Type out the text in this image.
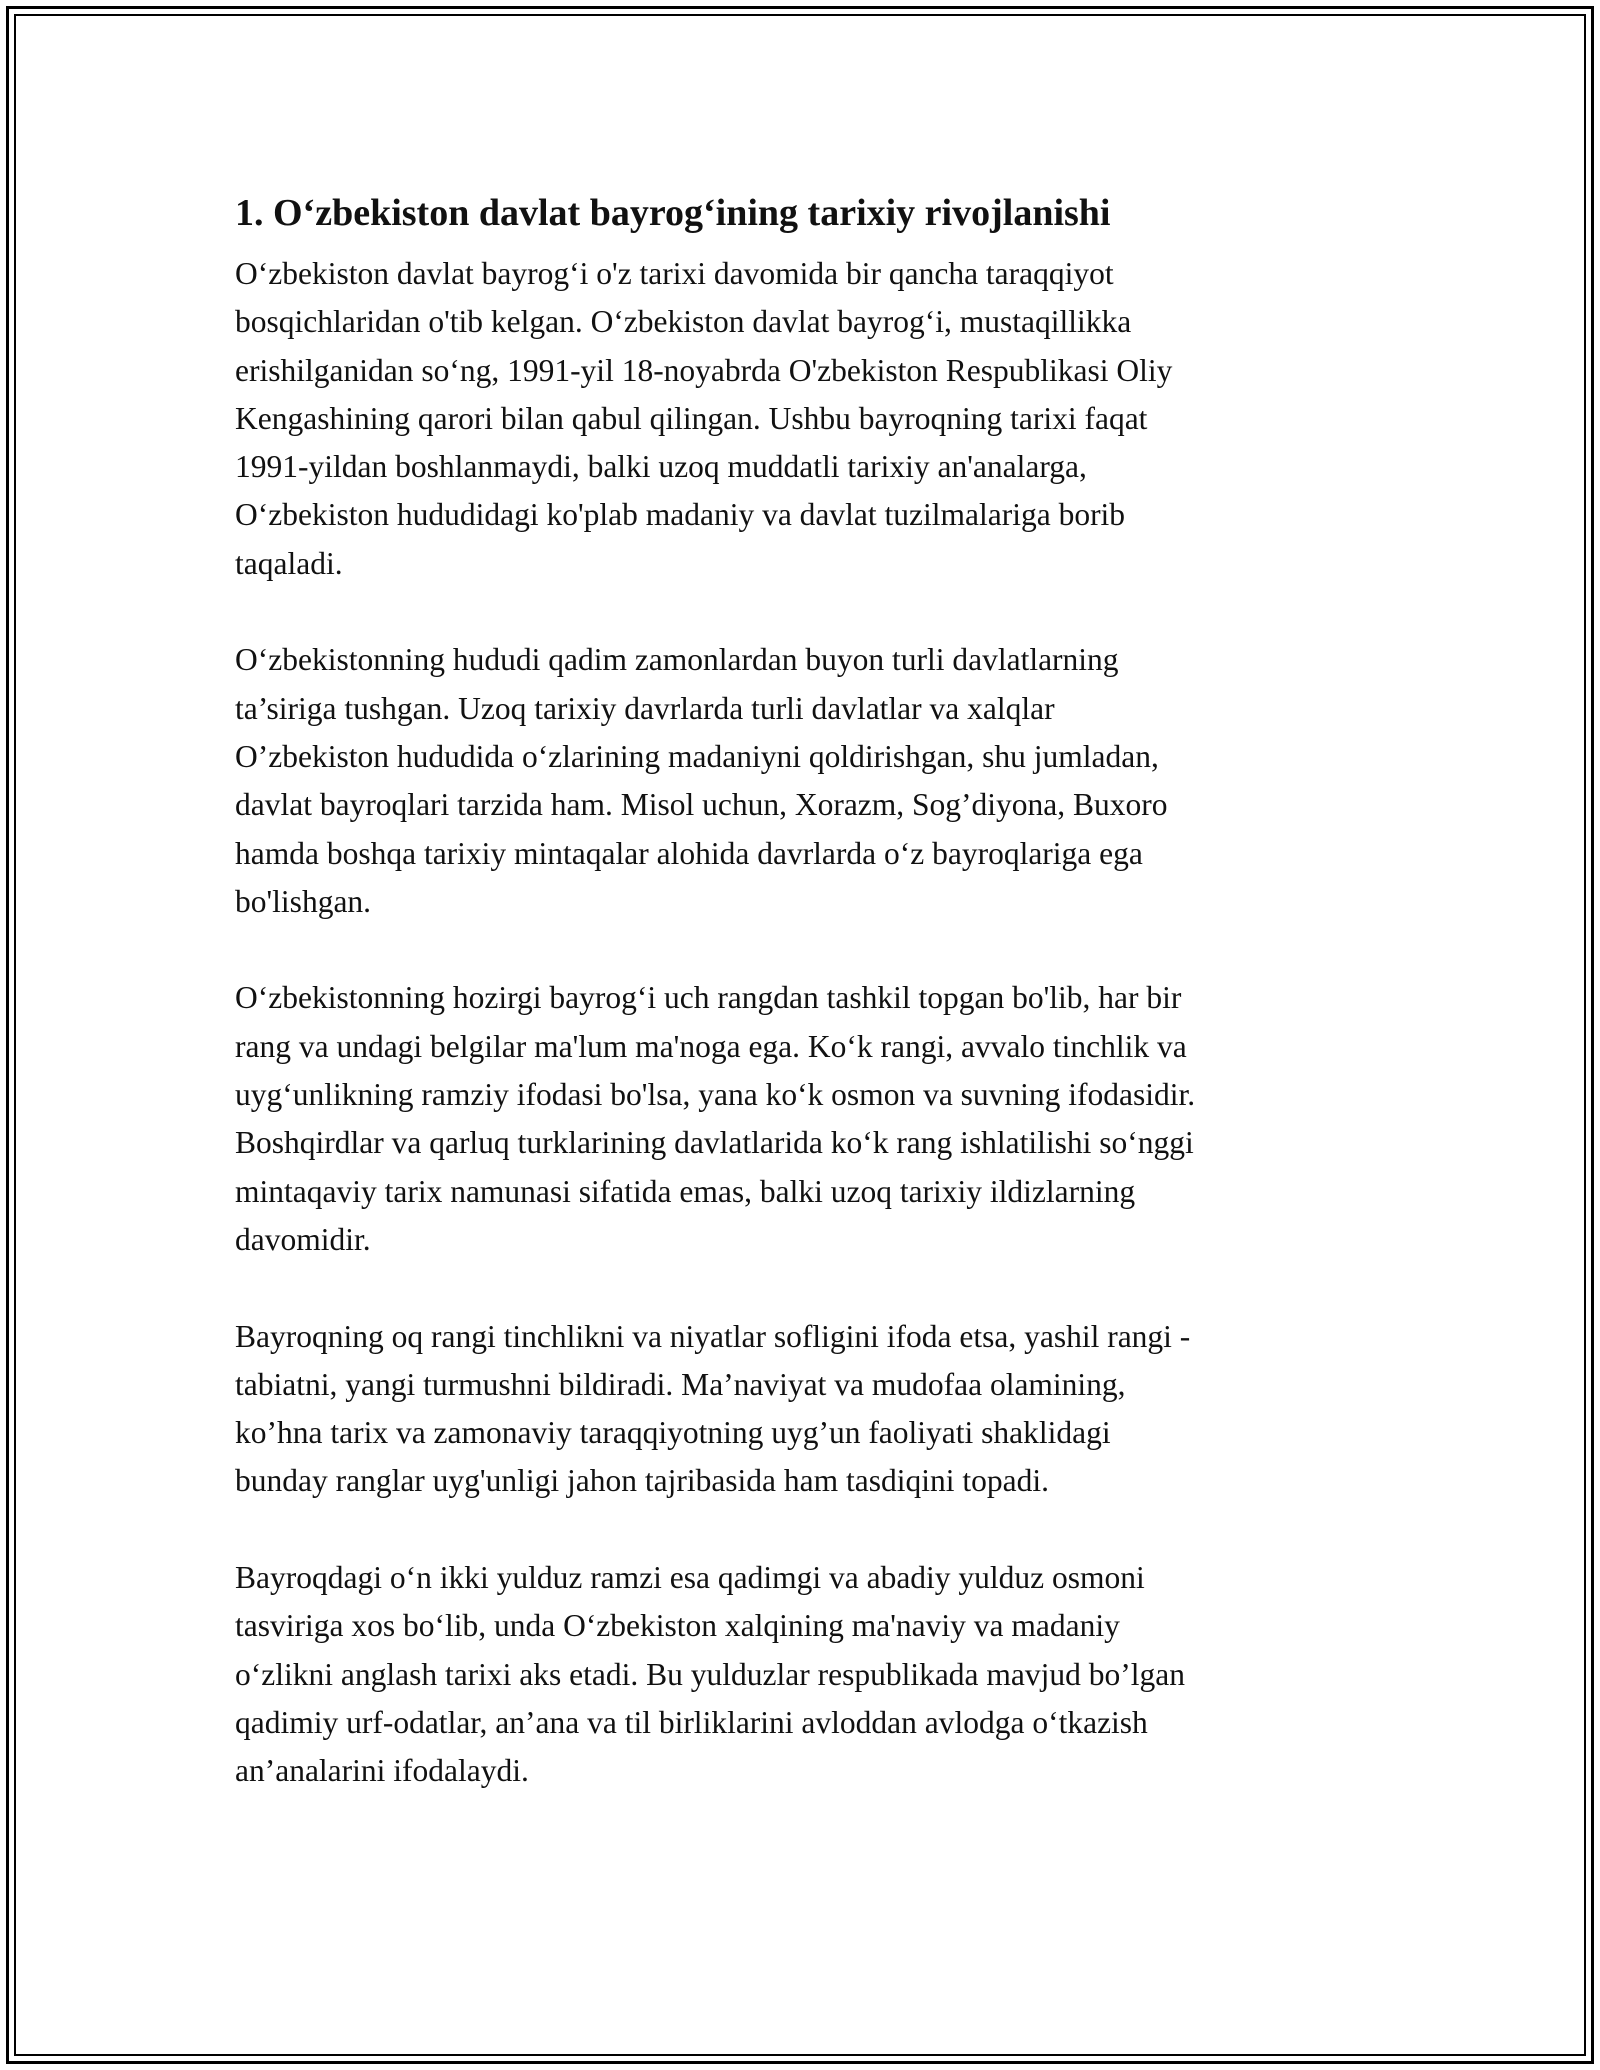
1. O‘zbekiston davlat bayrog‘ining tarixiy rivojlanishi
O‘zbekiston davlat bayrog‘i o'z tarixi davomida bir qancha taraqqiyot
bosqichlaridan o'tib kelgan. O‘zbekiston davlat bayrog‘i, mustaqillikka
erishilganidan so‘ng, 1991-yil 18-noyabrda O'zbekiston Respublikasi Oliy
Kengashining qarori bilan qabul qilingan. Ushbu bayroqning tarixi faqat
1991-yildan boshlanmaydi, balki uzoq muddatli tarixiy an'analarga,
O‘zbekiston hududidagi ko'plab madaniy va davlat tuzilmalariga borib
taqaladi.
O‘zbekistonning hududi qadim zamonlardan buyon turli davlatlarning
ta’siriga tushgan. Uzoq tarixiy davrlarda turli davlatlar va xalqlar
O’zbekiston hududida o‘zlarining madaniyni qoldirishgan, shu jumladan,
davlat bayroqlari tarzida ham. Misol uchun, Xorazm, Sog’diyona, Buxoro
hamda boshqa tarixiy mintaqalar alohida davrlarda o‘z bayroqlariga ega
bo'lishgan.
O‘zbekistonning hozirgi bayrog‘i uch rangdan tashkil topgan bo'lib, har bir
rang va undagi belgilar ma'lum ma'noga ega. Ko‘k rangi, avvalo tinchlik va
uyg‘unlikning ramziy ifodasi bo'lsa, yana ko‘k osmon va suvning ifodasidir.
Boshqirdlar va qarluq turklarining davlatlarida ko‘k rang ishlatilishi so‘nggi
mintaqaviy tarix namunasi sifatida emas, balki uzoq tarixiy ildizlarning
davomidir.
Bayroqning oq rangi tinchlikni va niyatlar sofligini ifoda etsa, yashil rangi -
tabiatni, yangi turmushni bildiradi. Ma’naviyat va mudofaa olamining,
ko’hna tarix va zamonaviy taraqqiyotning uyg’un faoliyati shaklidagi
bunday ranglar uyg'unligi jahon tajribasida ham tasdiqini topadi.
Bayroqdagi o‘n ikki yulduz ramzi esa qadimgi va abadiy yulduz osmoni
tasviriga xos bo‘lib, unda O‘zbekiston xalqining ma'naviy va madaniy
o‘zlikni anglash tarixi aks etadi. Bu yulduzlar respublikada mavjud bo’lgan
qadimiy urf-odatlar, an’ana va til birliklarini avloddan avlodga o‘tkazish
an’analarini ifodalaydi.
